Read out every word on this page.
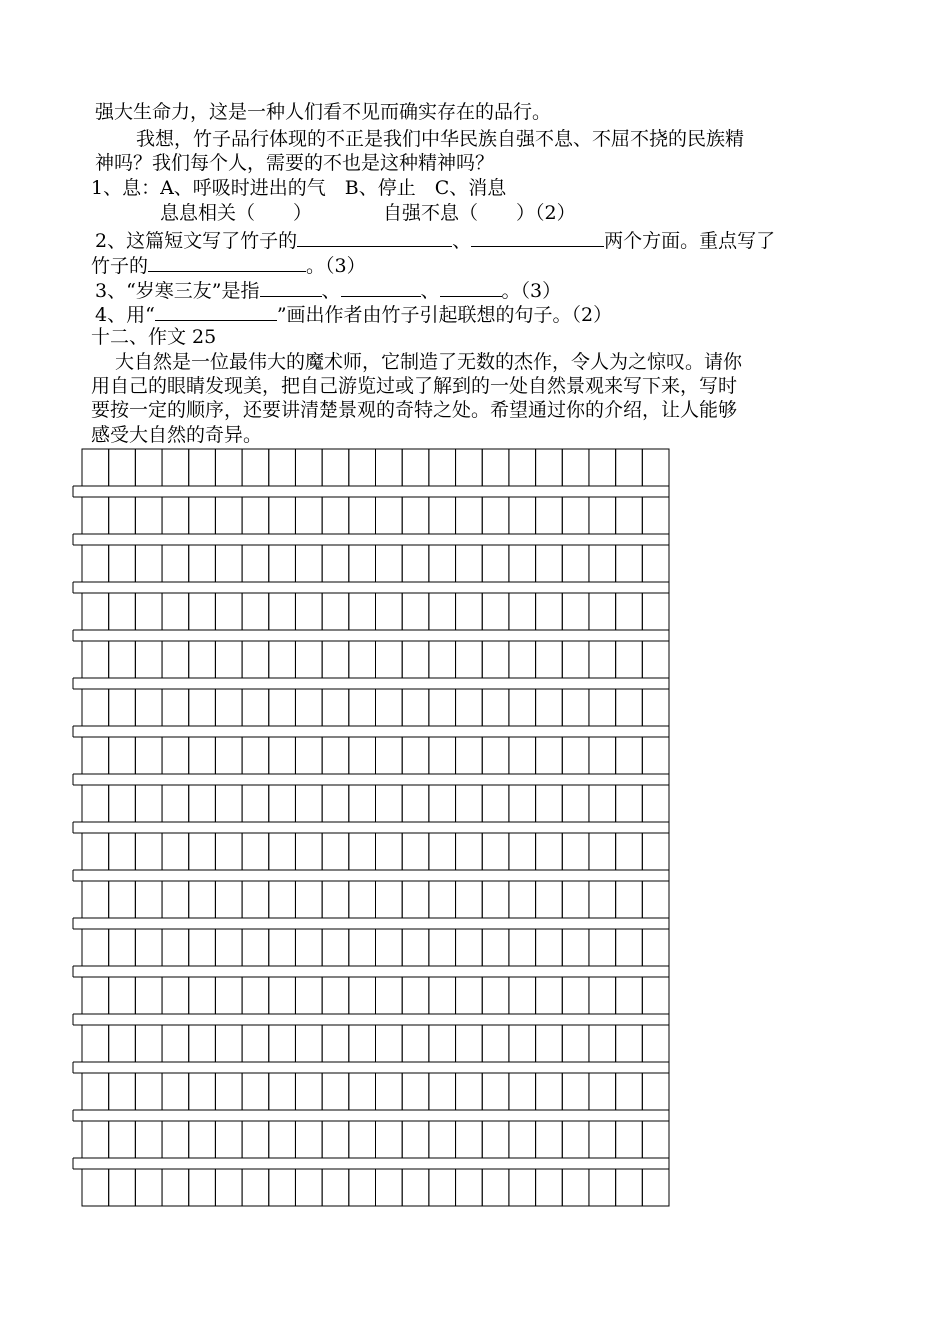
强大生命力，这是一种人们看不见而确实存在的品行。
我想，竹子品行体现的不正是我们中华民族自强不息、不屈不挠的民族精
神吗？我们每个人，需要的不也是这种精神吗？
1、息：A、呼吸时进出的气　B、停止　C、消息
息息相关（　　）	自强不息（　　）（2）
2、这篇短文写了竹子的	、	两个方面。重点写了
竹子的	。（3）
3、“岁寒三友”是指	、	、	。（3）
4、用“	”画出作者由竹子引起联想的句子。（2）
十二、作文 25
大自然是一位最伟大的魔术师，它制造了无数的杰作，令人为之惊叹。请你
用自己的眼睛发现美，把自己游览过或了解到的一处自然景观来写下来，写时
要按一定的顺序，还要讲清楚景观的奇特之处。希望通过你的介绍，让人能够
感受大自然的奇异。
